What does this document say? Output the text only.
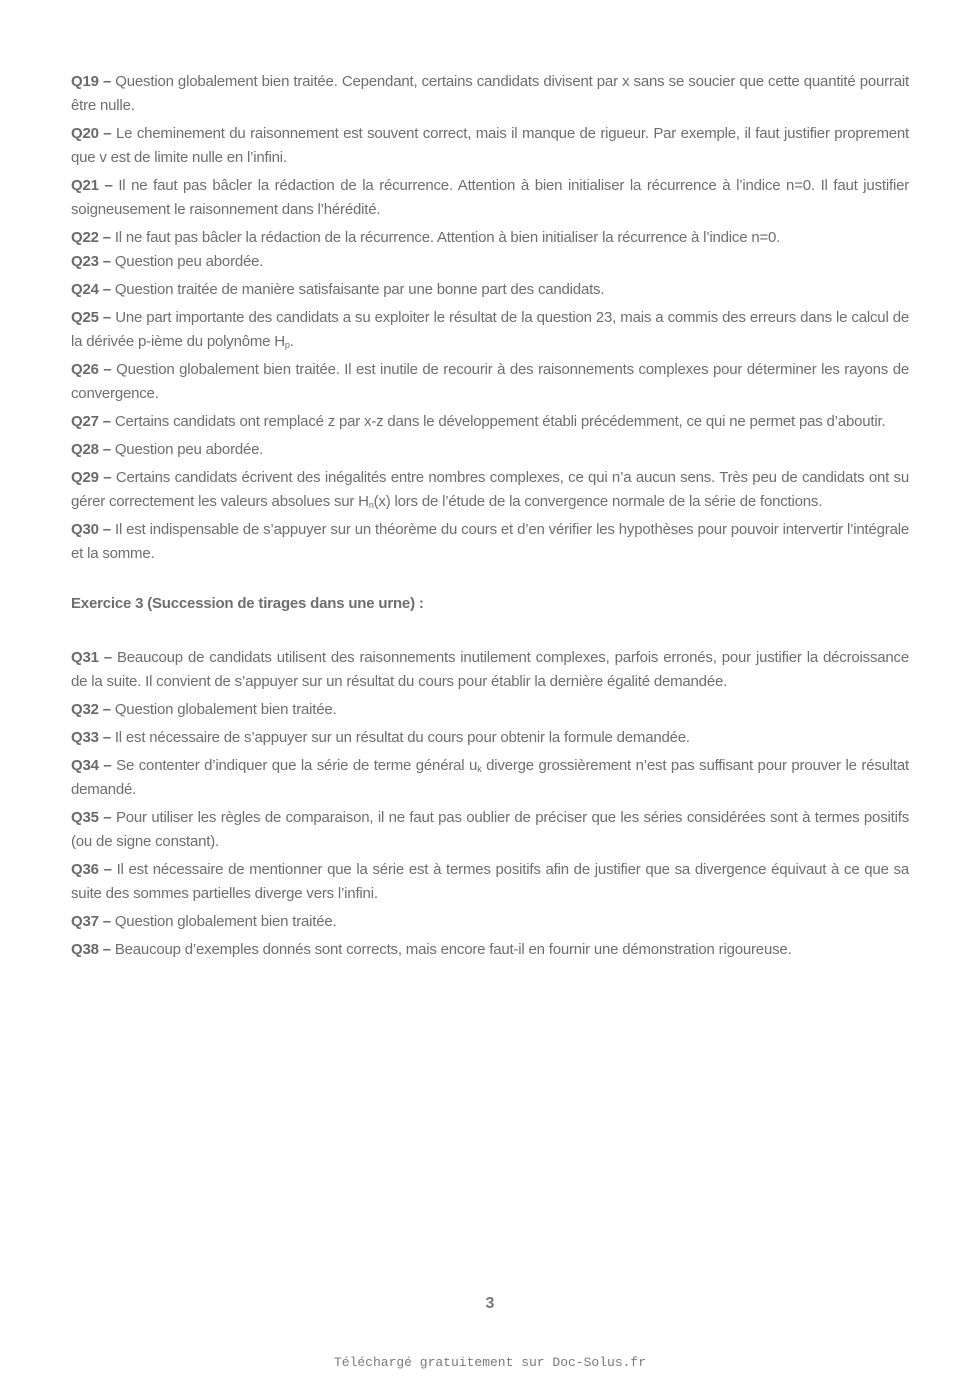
Q19 – Question globalement bien traitée. Cependant, certains candidats divisent par x sans se soucier que cette quantité pourrait être nulle.

Q20 – Le cheminement du raisonnement est souvent correct, mais il manque de rigueur. Par exemple, il faut justifier proprement que v est de limite nulle en l’infini.

Q21 – Il ne faut pas bâcler la rédaction de la récurrence. Attention à bien initialiser la récurrence à l’indice n=0. Il faut justifier soigneusement le raisonnement dans l’hérédité.

Q22 – Il ne faut pas bâcler la rédaction de la récurrence. Attention à bien initialiser la récurrence à l’indice n=0.

Q23 – Question peu abordée.

Q24 – Question traitée de manière satisfaisante par une bonne part des candidats.

Q25 – Une part importante des candidats a su exploiter le résultat de la question 23, mais a commis des erreurs dans le calcul de la dérivée p-ième du polynôme $H_p$.

Q26 – Question globalement bien traitée. Il est inutile de recourir à des raisonnements complexes pour déterminer les rayons de convergence.

Q27 – Certains candidats ont remplacé z par x-z dans le développement établi précédemment, ce qui ne permet pas d’aboutir.

Q28 – Question peu abordée.

Q29 – Certains candidats écrivent des inégalités entre nombres complexes, ce qui n’a aucun sens. Très peu de candidats ont su gérer correctement les valeurs absolues sur $H_n(x)$ lors de l’étude de la convergence normale de la série de fonctions.

Q30 – Il est indispensable de s’appuyer sur un théorème du cours et d’en vérifier les hypothèses pour pouvoir intervertir l’intégrale et la somme.

Exercice 3 (Succession de tirages dans une urne) :

Q31 – Beaucoup de candidats utilisent des raisonnements inutilement complexes, parfois erronés, pour justifier la décroissance de la suite. Il convient de s’appuyer sur un résultat du cours pour établir la dernière égalité demandée.

Q32 – Question globalement bien traitée.

Q33 – Il est nécessaire de s’appuyer sur un résultat du cours pour obtenir la formule demandée.

Q34 – Se contenter d’indiquer que la série de terme général $u_k$ diverge grossièrement n’est pas suffisant pour prouver le résultat demandé.

Q35 – Pour utiliser les règles de comparaison, il ne faut pas oublier de préciser que les séries considérées sont à termes positifs (ou de signe constant).

Q36 – Il est nécessaire de mentionner que la série est à termes positifs afin de justifier que sa divergence équivaut à ce que sa suite des sommes partielles diverge vers l’infini.

Q37 – Question globalement bien traitée.

Q38 – Beaucoup d’exemples donnés sont corrects, mais encore faut-il en fournir une démonstration rigoureuse.

3
Téléchargé gratuitement sur Doc-Solus.fr
